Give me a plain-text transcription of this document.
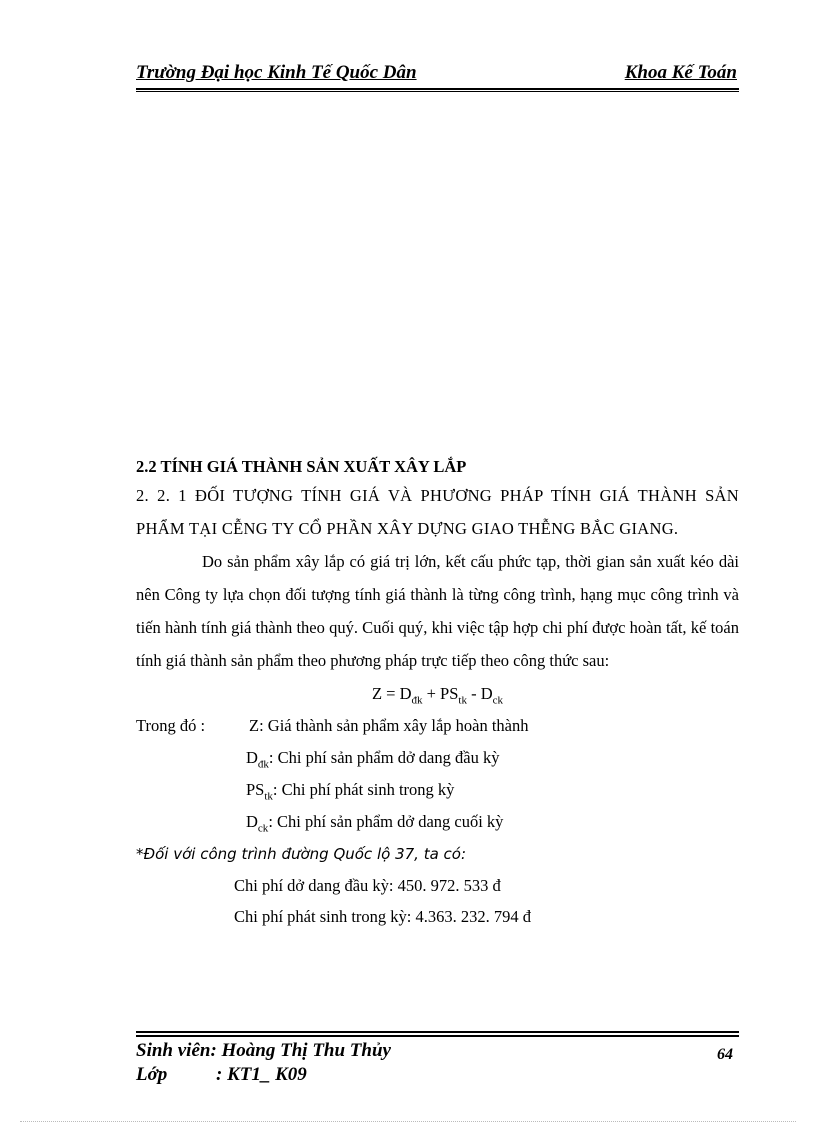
Trường Đại học Kinh Tế Quốc Dân	Khoa Kế Toán
2.2 TÍNH GIÁ THÀNH SẢN XUẤT XÂY LẮP
2. 2. 1 ĐỐI TƯỢNG TÍNH GIÁ VÀ PHƯƠNG PHÁP TÍNH GIÁ THÀNH SẢN PHẨM TẠI CỄNG TY CỔ PHẦN XÂY DỰNG GIAO THỄNG BẮC GIANG.

Do sản phẩm xây lắp có giá trị lớn, kết cấu phức tạp, thời gian sản xuất kéo dài nên Công ty lựa chọn đối tượng tính giá thành là từng công trình, hạng mục công trình và tiến hành tính giá thành theo quý. Cuối quý, khi việc tập hợp chi phí được hoàn tất, kế toán tính giá thành sản phẩm theo phương pháp trực tiếp theo công thức sau:

$Z = D_{đk} + PS_{tk} - D_{ck}$
Trong đó :	Z: Giá thành sản phẩm xây lắp hoàn thành
$D_{đk}$: Chi phí sản phẩm dở dang đầu kỳ
$PS_{tk}$: Chi phí phát sinh trong kỳ
$D_{ck}$: Chi phí sản phẩm dở dang cuối kỳ
*Đối với công trình đường Quốc lộ 37, ta có:
Chi phí dở dang đầu kỳ: 450. 972. 533 đ
Chi phí phát sinh trong kỳ: 4.363. 232. 794 đ
Sinh viên: Hoàng Thị Thu Thủy
Lớp	: KT1_ K09
64
